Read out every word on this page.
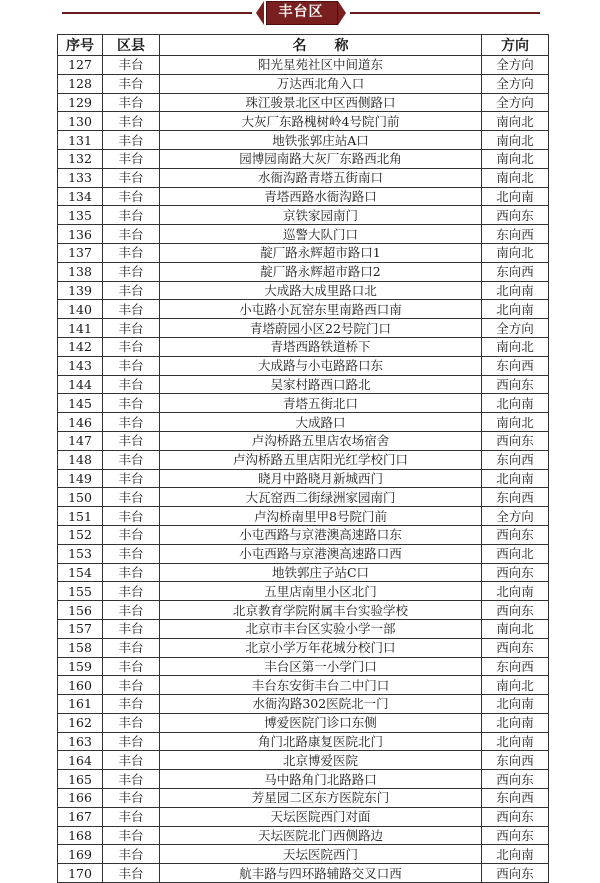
丰台区
序号	区县	名　　称	方向
127	丰台	阳光星苑社区中间道东	全方向
128	丰台	万达西北角入口	全方向
129	丰台	珠江骏景北区中区西侧路口	全方向
130	丰台	大灰厂东路槐树岭4号院门前	南向北
131	丰台	地铁张郭庄站A口	南向北
132	丰台	园博园南路大灰厂东路西北角	南向北
133	丰台	水衙沟路青塔五街南口	南向北
134	丰台	青塔西路水衙沟路口	北向南
135	丰台	京铁家园南门	西向东
136	丰台	巡警大队门口	东向西
137	丰台	靛厂路永辉超市路口1	南向北
138	丰台	靛厂路永辉超市路口2	东向西
139	丰台	大成路大成里路口北	北向南
140	丰台	小屯路小瓦窑东里南路西口南	北向南
141	丰台	青塔蔚园小区22号院门口	全方向
142	丰台	青塔西路铁道桥下	南向北
143	丰台	大成路与小屯路路口东	东向西
144	丰台	吴家村路西口路北	西向东
145	丰台	青塔五街北口	北向南
146	丰台	大成路口	南向北
147	丰台	卢沟桥路五里店农场宿舍	西向东
148	丰台	卢沟桥路五里店阳光红学校门口	东向西
149	丰台	晓月中路晓月新城西门	北向南
150	丰台	大瓦窑西二街绿洲家园南门	东向西
151	丰台	卢沟桥南里甲8号院门前	全方向
152	丰台	小屯西路与京港澳高速路口东	西向东
153	丰台	小屯西路与京港澳高速路口西	西向北
154	丰台	地铁郭庄子站C口	西向东
155	丰台	五里店南里小区北门	北向南
156	丰台	北京教育学院附属丰台实验学校	西向东
157	丰台	北京市丰台区实验小学一部	南向北
158	丰台	北京小学万年花城分校门口	西向东
159	丰台	丰台区第一小学门口	东向西
160	丰台	丰台东安街丰台二中门口	南向北
161	丰台	水衙沟路302医院北一门	北向南
162	丰台	博爱医院门诊口东侧	北向南
163	丰台	角门北路康复医院北门	北向南
164	丰台	北京博爱医院	东向西
165	丰台	马中路角门北路路口	西向东
166	丰台	芳星园二区东方医院东门	东向西
167	丰台	天坛医院西门对面	西向东
168	丰台	天坛医院北门西侧路边	西向东
169	丰台	天坛医院西门	北向南
170	丰台	航丰路与四环路辅路交叉口西	西向东
